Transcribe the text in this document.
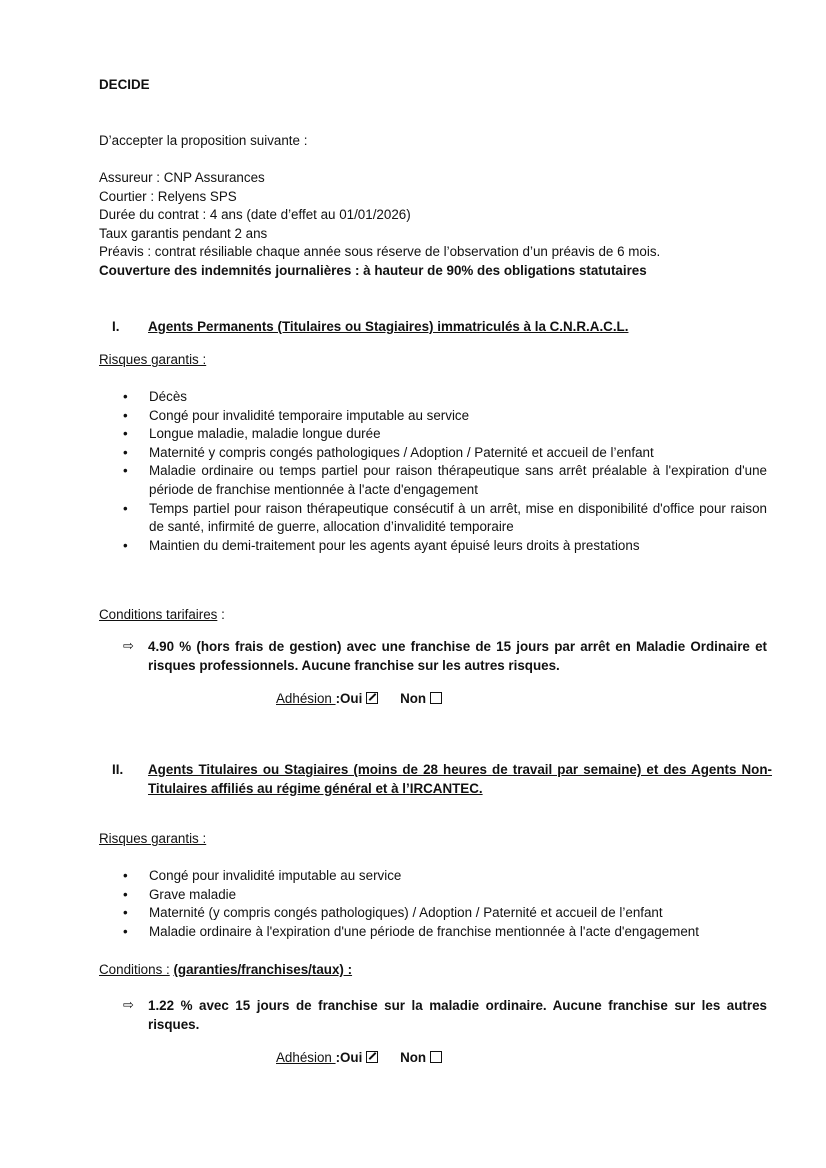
DECIDE
D’accepter la proposition suivante :
Assureur : CNP Assurances
Courtier : Relyens SPS
Durée du contrat : 4 ans (date d’effet au 01/01/2026)
Taux garantis pendant 2 ans
Préavis : contrat résiliable chaque année sous réserve de l’observation d’un préavis de 6 mois.
Couverture des indemnités journalières : à hauteur de 90% des obligations statutaires
I. Agents Permanents (Titulaires ou Stagiaires) immatriculés à la C.N.R.A.C.L.
Risques garantis :
• Décès
• Congé pour invalidité temporaire imputable au service
• Longue maladie, maladie longue durée
• Maternité y compris congés pathologiques / Adoption / Paternité et accueil de l’enfant
• Maladie ordinaire ou temps partiel pour raison thérapeutique sans arrêt préalable à l'expiration d'une période de franchise mentionnée à l'acte d'engagement
• Temps partiel pour raison thérapeutique consécutif à un arrêt, mise en disponibilité d'office pour raison de santé, infirmité de guerre, allocation d’invalidité temporaire
• Maintien du demi-traitement pour les agents ayant épuisé leurs droits à prestations
Conditions tarifaires :
⇨ 4.90 % (hors frais de gestion) avec une franchise de 15 jours par arrêt en Maladie Ordinaire et risques professionnels. Aucune franchise sur les autres risques.
Adhésion :Oui	Non
II. Agents Titulaires ou Stagiaires (moins de 28 heures de travail par semaine) et des Agents Non-Titulaires affiliés au régime général et à l’IRCANTEC.
Risques garantis :
• Congé pour invalidité imputable au service
• Grave maladie
• Maternité (y compris congés pathologiques) / Adoption / Paternité et accueil de l’enfant
• Maladie ordinaire à l'expiration d'une période de franchise mentionnée à l'acte d'engagement
Conditions : (garanties/franchises/taux) :
⇨ 1.22 % avec 15 jours de franchise sur la maladie ordinaire. Aucune franchise sur les autres risques.
Adhésion :Oui	Non
